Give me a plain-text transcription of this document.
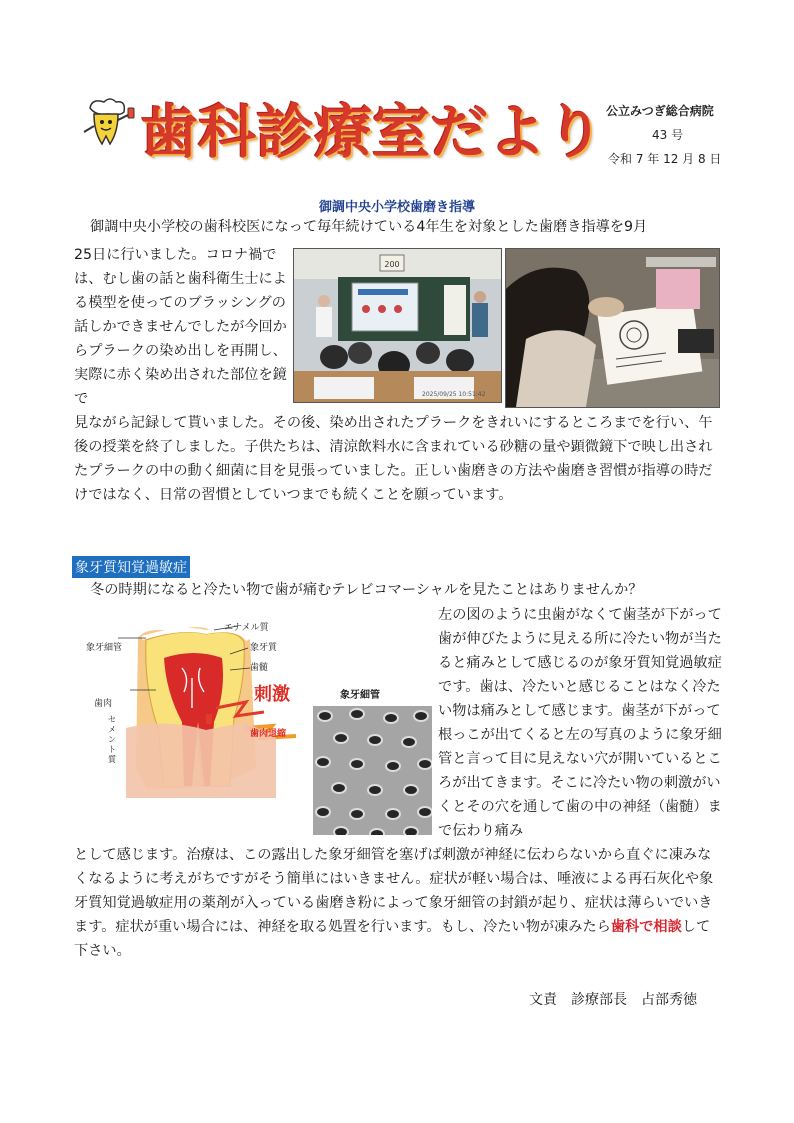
歯科診療室だより 公立みつぎ総合病院
43 号
令和 7 年 12 月 8 日
御調中央小学校歯磨き指導
御調中央小学校の歯科校医になって毎年続けている4年生を対象とした歯磨き指導を9月
25日に行いました。コロナ禍では、むし歯の話と歯科衛生士による模型を使ってのブラッシングの話しかできませんでしたが今回からプラークの染め出しを再開し、実際に赤く染め出された部位を鏡で
200
2025/09/25 10:51:42
見ながら記録して貰いました。その後、染め出されたプラークをきれいにするところまでを行い、午後の授業を終了しました。子供たちは、清涼飲料水に含まれている砂糖の量や顕微鏡下で映し出されたプラークの中の動く細菌に目を見張っていました。正しい歯磨きの方法や歯磨き習慣が指導の時だけではなく、日常の習慣としていつまでも続くことを願っています。
象牙質知覚過敏症
冬の時期になると冷たい物で歯が痛むテレビコマーシャルを見たことはありませんか？
象牙細管
エナメル質
象牙質
歯髄
歯肉	刺激
歯肉退縮
セ
メ
ン
ト
質
象牙細管
左の図のように虫歯がなくて歯茎が下がって歯が伸びたように見える所に冷たい物が当たると痛みとして感じるのが象牙質知覚過敏症です。歯は、冷たいと感じることはなく冷たい物は痛みとして感じます。歯茎が下がって根っこが出てくると左の写真のように象牙細管と言って目に見えない穴が開いているところが出てきます。そこに冷たい物の刺激がいくとその穴を通して歯の中の神経（歯髄）まで伝わり痛み
として感じます。治療は、この露出した象牙細管を塞げば刺激が神経に伝わらないから直ぐに凍みなくなるように考えがちですがそう簡単にはいきません。症状が軽い場合は、唾液による再石灰化や象牙質知覚過敏症用の薬剤が入っている歯磨き粉によって象牙細管の封鎖が起り、症状は薄らいでいきます。症状が重い場合には、神経を取る処置を行います。もし、冷たい物が凍みたら歯科で相談して下さい。
文責　診療部長　占部秀徳
